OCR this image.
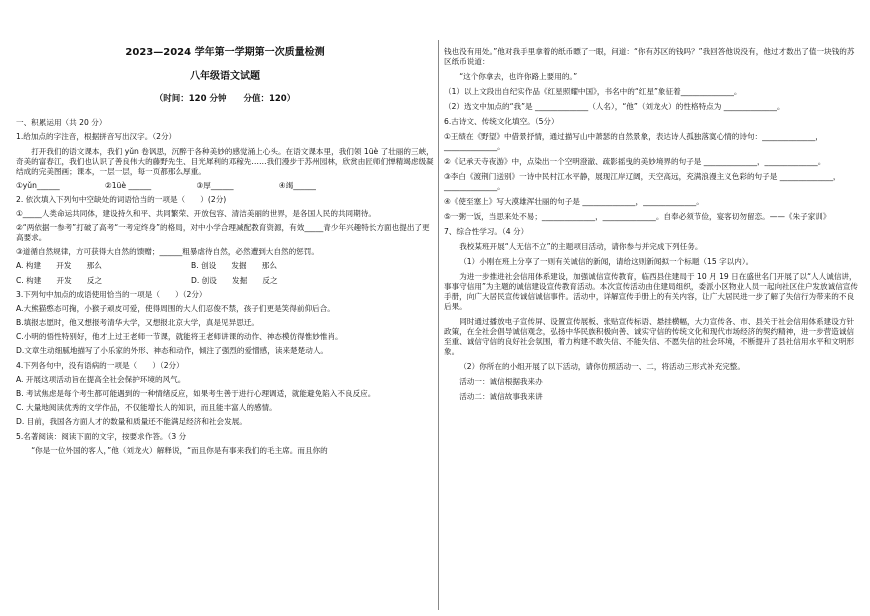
2023—2024 学年第一学期第一次质量检测
八年级语文试题
（时间：120 分钟　　分值：120）

一、积累运用（共 20 分）

1.给加点的字注音，根据拼音写出汉字。（2分）

打开我们的语文课本，我们 yǔn 卷讽思，沉醉于各种美妙的感觉涌上心头。在语文课本里，我们领 1üè 了壮丽的三峡，奇美的富春江，我们也认识了善良伟大的藤野先生、目光犀利的邓稼先……我们漫步于苏州园林，欣赏由匠师们惮精竭虑级凝结成的完美图画；课本，一层一层，每一页都那么厚重。

①yǔn______	②1üè ______	③厚______	④竭______

2. 依次填入下列句中空缺处的词语恰当的一项是（　　）(2分)

①_____人类命运共同体，建设持久和平、共同繁荣、开放包容、清洁美丽的世界，是各国人民的共同期待。

②“两依据一参考”打破了高考“一考定终身”的格局，对中小学合理减配教育资源，有效_____青少年兴趣特长方面也提出了更高要求。

③道循自然规律，方可获得大自然的馈赠；______粗暴虐待自然，必然遭到大自然的惩罚。

A. 构建　　开发　　那么	B. 创设　　发掘　　那么
C. 构建　　开发　　反之	D. 创设　　发掘　　反之

3.下列句中加点的成语使用恰当的一项是（　　）（2分）

A.大熊猫憨态可掬，小猴子顽皮可爱，使得周围的大人们忍俊不禁，孩子们更是笑得前仰后合。

B.填报志愿时，他又想报考清华大学，又想报北京大学，真是见异思迁。

C.小明的悟性特别好，他才上过王老师一节课，就能将王老师讲课的动作、神态模仿得惟妙惟肖。

D.文章生动细腻地描写了小乐家的外形、神态和动作，倾注了强烈的爱憎感，读来楚楚动人。

4.下列各句中，没有语病的一项是（　　）（2分）

A. 开展这项活动旨在提高全社会保护环境的风气。

B. 考试焦虑是每个考生都可能遇到的一种情绪反应，如果考生善于进行心理调适，就能避免陷入不良反应。

C. 大量地阅读优秀的文学作品，不仅能增长人的知识，而且能丰富人的感情。

D. 目前，我国各方面人才的数量和质量还不能满足经济和社会发展。

5.名著阅读：阅读下面的文字，按要求作答。（3 分

“你是一位外国的客人，”他（刘龙火）解释说，“而且你是有事来我们的毛主席。而且你的

钱也没有用处。”他对我手里拿着的纸币瞟了一眼，问道：“你有苏区的钱吗？”我回答他说没有，他过才数出了值一块钱的苏区纸币说道：

“这个你拿去，也许你路上要用的。”

（1）以上文段出自纪实作品《红星照耀中国》，书名中的“红星”象征着______________。

（2）选文中加点的“我”是 ______________（人名），“他”（刘龙火）的性格特点为 ______________。

6.古诗文、传统文化填空。（5分）

①王绩在《野望》中借景抒情，通过描写山中萧瑟的自然景象，表达诗人孤独落寞心情的诗句：______________，______________。

②《记承天寺夜游》中，点染出一个空明澄澈、疏影摇曳的美妙境界的句子是 ______________，______________。

③李白《渡荆门送别》一诗中民村江水平静，展现江岸辽阔，天空高远，充满浪漫主义色彩的句子是 ______________，______________。

④《使至塞上》写大漠雄浑壮丽的句子是 ______________，______________。

⑤一粥一饭，当思来处不易；______________，______________。自奉必须节俭，宴客切勿留恋。——《朱子家训》

7、综合性学习。（4 分）

我校某班开展“人无信不立”的主题项目活动，请你参与并完成下列任务。

（1）小刚在班上分享了一则有关诚信的新闻，请给这则新闻拟一个标题（15 字以内）。

为进一步推进社会信用体系建设，加强诚信宣传教育，临西县住建局于 10 月 19 日在盛世名门开展了以“人人诚信讲，事事守信用”为主题的诚信建设宣传教育活动。本次宣传活动由住建局组织，委派小区物业人员一起向社区住户发放诚信宣传手册，向广大居民宣传诚信诚信事件。活动中，详解宣传手册上的有关内容，让广大居民进一步了解了失信行为带来的不良后果。

同时通过播放电子宣传屏、设置宣传展板、张贴宣传标语、悬挂横幅，大力宣传各、市、县关于社会信用体系建设方针政策，在全社会倡导诚信观念，弘扬中华民族积极向善、诚实守信的传统文化和现代市场经济的契约精神，进一步营造诚信至重、诚信守信的良好社会氛围，着力构建不敢失信、不能失信、不愿失信的社会环境，不断提升了县社信用水平和文明形象。

（2）你所在的小组开展了以下活动，请你仿照活动一、二，将活动三形式补充完整。

活动一：诚信根据我来办

活动二：诚信故事我来讲
